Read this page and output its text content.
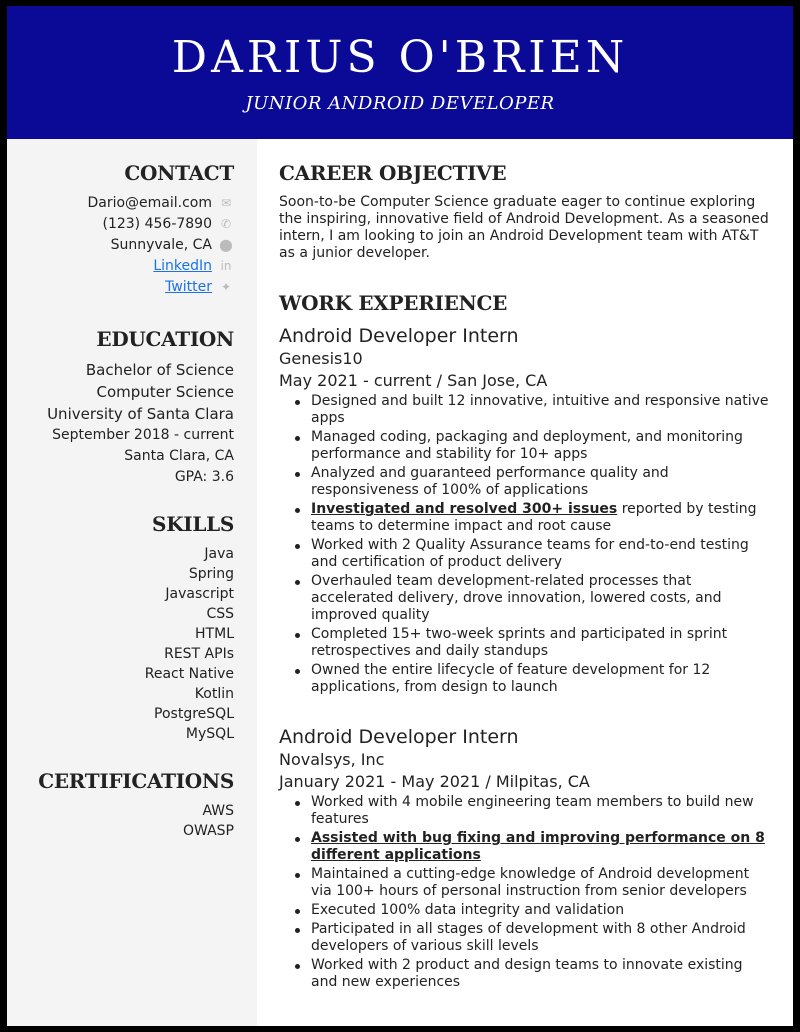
DARIUS O'BRIEN
JUNIOR ANDROID DEVELOPER
CONTACT
Dario@email.com ✉
(123) 456-7890 ✆
Sunnyvale, CA ⬤
LinkedIn in
Twitter ✦
EDUCATION
Bachelor of Science
Computer Science
University of Santa Clara
September 2018 - current
Santa Clara, CA
GPA: 3.6
SKILLS
Java
Spring
Javascript
CSS
HTML
REST APIs
React Native
Kotlin
PostgreSQL
MySQL
CERTIFICATIONS
AWS
OWASP
CAREER OBJECTIVE
Soon-to-be Computer Science graduate eager to continue exploring the inspiring, innovative field of Android Development. As a seasoned intern, I am looking to join an Android Development team with AT&T as a junior developer.
WORK EXPERIENCE
Android Developer Intern
Genesis10
May 2021 - current / San Jose, CA
Designed and built 12 innovative, intuitive and responsive native apps
Managed coding, packaging and deployment, and monitoring performance and stability for 10+ apps
Analyzed and guaranteed performance quality and responsiveness of 100% of applications
Investigated and resolved 300+ issues reported by testing teams to determine impact and root cause
Worked with 2 Quality Assurance teams for end-to-end testing and certification of product delivery
Overhauled team development-related processes that accelerated delivery, drove innovation, lowered costs, and improved quality
Completed 15+ two-week sprints and participated in sprint retrospectives and daily standups
Owned the entire lifecycle of feature development for 12 applications, from design to launch
Android Developer Intern
Novalsys, Inc
January 2021 - May 2021 / Milpitas, CA
Worked with 4 mobile engineering team members to build new features
Assisted with bug fixing and improving performance on 8 different applications
Maintained a cutting-edge knowledge of Android development via 100+ hours of personal instruction from senior developers
Executed 100% data integrity and validation
Participated in all stages of development with 8 other Android developers of various skill levels
Worked with 2 product and design teams to innovate existing and new experiences
